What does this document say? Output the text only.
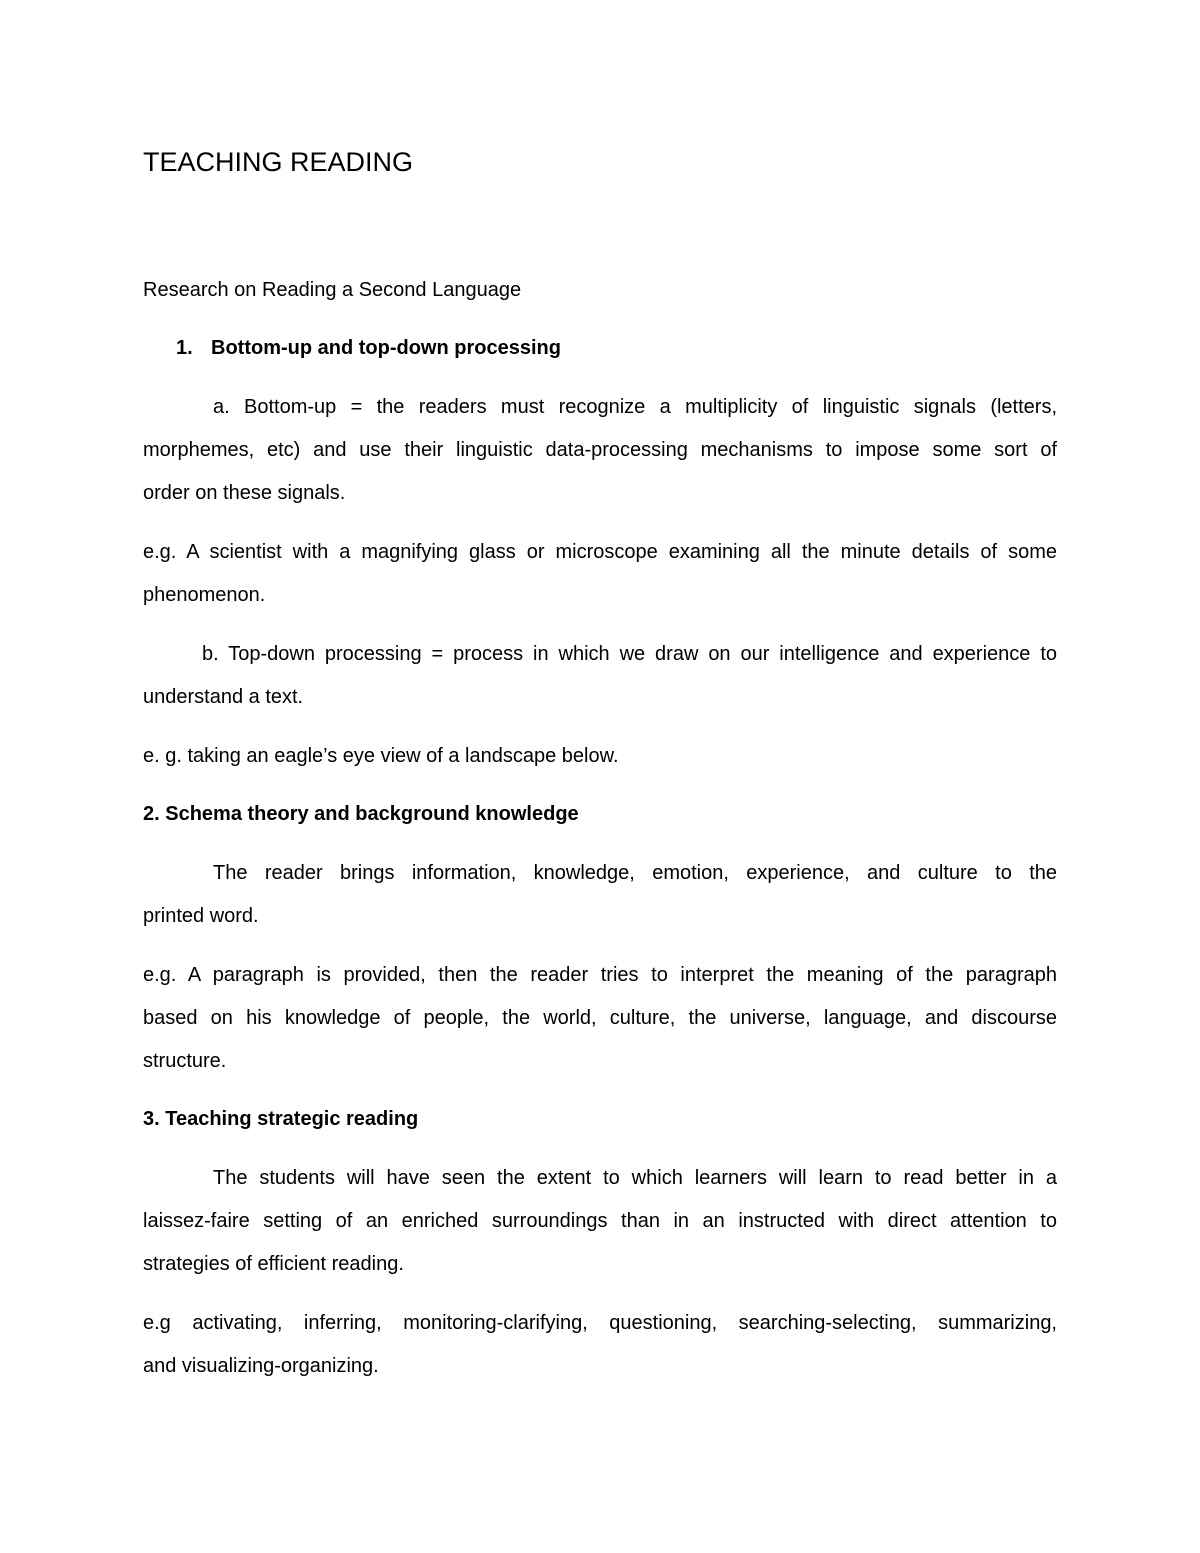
TEACHING READING
Research on Reading a Second Language
1. Bottom-up and top-down processing
a. Bottom-up = the readers must recognize a multiplicity of linguistic signals (letters,
morphemes, etc) and use their linguistic data-processing mechanisms to impose some sort of
order on these signals.
e.g. A scientist with a magnifying glass or microscope examining all the minute details of some
phenomenon.
b. Top-down processing = process in which we draw on our intelligence and experience to
understand a text.
e. g. taking an eagle’s eye view of a landscape below.
2. Schema theory and background knowledge
The reader brings information, knowledge, emotion, experience, and culture to the
printed word.
e.g. A paragraph is provided, then the reader tries to interpret the meaning of the paragraph
based on his knowledge of people, the world, culture, the universe, language, and discourse
structure.
3. Teaching strategic reading
The students will have seen the extent to which learners will learn to read better in a
laissez-faire setting of an enriched surroundings than in an instructed with direct attention to
strategies of efficient reading.
e.g activating, inferring, monitoring-clarifying, questioning, searching-selecting, summarizing,
and visualizing-organizing.
